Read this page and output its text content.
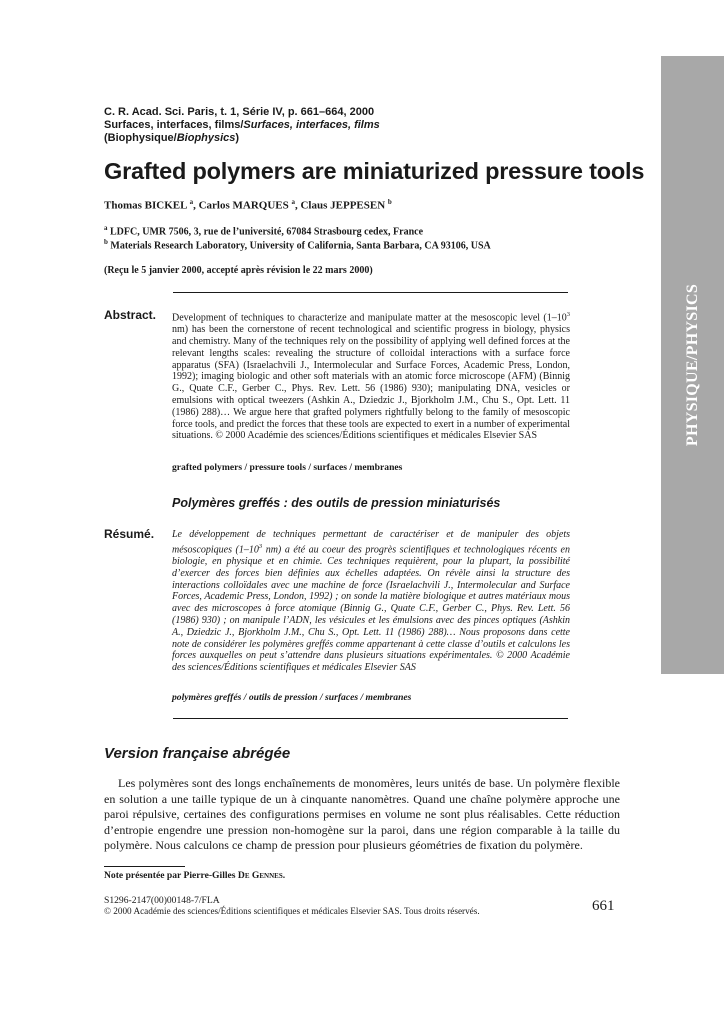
PHYSIQUE/PHYSICS
C. R. Acad. Sci. Paris, t. 1, Série IV, p. 661–664, 2000
Surfaces, interfaces, films/Surfaces, interfaces, films
(Biophysique/Biophysics)
Grafted polymers are miniaturized pressure tools
Thomas BICKEL $^a$, Carlos MARQUES $^a$, Claus JEPPESEN $^b$
$^a$ LDFC, UMR 7506, 3, rue de l’université, 67084 Strasbourg cedex, France
$^b$ Materials Research Laboratory, University of California, Santa Barbara, CA 93106, USA
(Reçu le 5 janvier 2000, accepté après révision le 22 mars 2000)
Abstract. Development of techniques to characterize and manipulate matter at the mesoscopic level ($1-10^3$ nm) has been the cornerstone of recent technological and scientific progress in biology, physics and chemistry. Many of the techniques rely on the possibility of applying well defined forces at the relevant lengths scales: revealing the structure of colloidal interactions with a surface force apparatus (SFA) (Israelachvili J., Intermolecular and Surface Forces, Academic Press, London, 1992); imaging biologic and other soft materials with an atomic force microscope (AFM) (Binnig G., Quate C.F., Gerber C., Phys. Rev. Lett. 56 (1986) 930); manipulating DNA, vesicles or emulsions with optical tweezers (Ashkin A., Dziedzic J., Bjorkholm J.M., Chu S., Opt. Lett. 11 (1986) 288)… We argue here that grafted polymers rightfully belong to the family of mesoscopic force tools, and predict the forces that these tools are expected to exert in a number of experimental situations. © 2000 Académie des sciences/Éditions scientifiques et médicales Elsevier SAS

grafted polymers / pressure tools / surfaces / membranes
Polymères greffés : des outils de pression miniaturisés
Résumé. Le développement de techniques permettant de caractériser et de manipuler des objets mésoscopiques ($1-10^3$ nm) a été au coeur des progrès scientifiques et technologiques récents en biologie, en physique et en chimie. Ces techniques requièrent, pour la plupart, la possibilité d’exercer des forces bien définies aux échelles adaptées. On révèle ainsi la structure des interactions colloïdales avec une machine de force (Israelachvili J., Intermolecular and Surface Forces, Academic Press, London, 1992) ; on sonde la matière biologique et autres matériaux mous avec des microscopes à force atomique (Binnig G., Quate C.F., Gerber C., Phys. Rev. Lett. 56 (1986) 930) ; on manipule l’ADN, les vésicules et les émulsions avec des pinces optiques (Ashkin A., Dziedzic J., Bjorkholm J.M., Chu S., Opt. Lett. 11 (1986) 288)… Nous proposons dans cette note de considérer les polymères greffés comme appartenant à cette classe d’outils et calculons les forces auxquelles on peut s’attendre dans plusieurs situations expérimentales. © 2000 Académie des sciences/Éditions scientifiques et médicales Elsevier SAS

polymères greffés / outils de pression / surfaces / membranes
Version française abrégée

Les polymères sont des longs enchaînements de monomères, leurs unités de base. Un polymère flexible en solution a une taille typique de un à cinquante nanomètres. Quand une chaîne polymère approche une paroi répulsive, certaines des configurations permises en volume ne sont plus réalisables. Cette réduction d’entropie engendre une pression non-homogène sur la paroi, dans une région comparable à la taille du polymère. Nous calculons ce champ de pression pour plusieurs géométries de fixation du polymère.

Note présentée par Pierre-Gilles De Gennes.
S1296-2147(00)00148-7/FLA
© 2000 Académie des sciences/Éditions scientifiques et médicales Elsevier SAS. Tous droits réservés.	661
